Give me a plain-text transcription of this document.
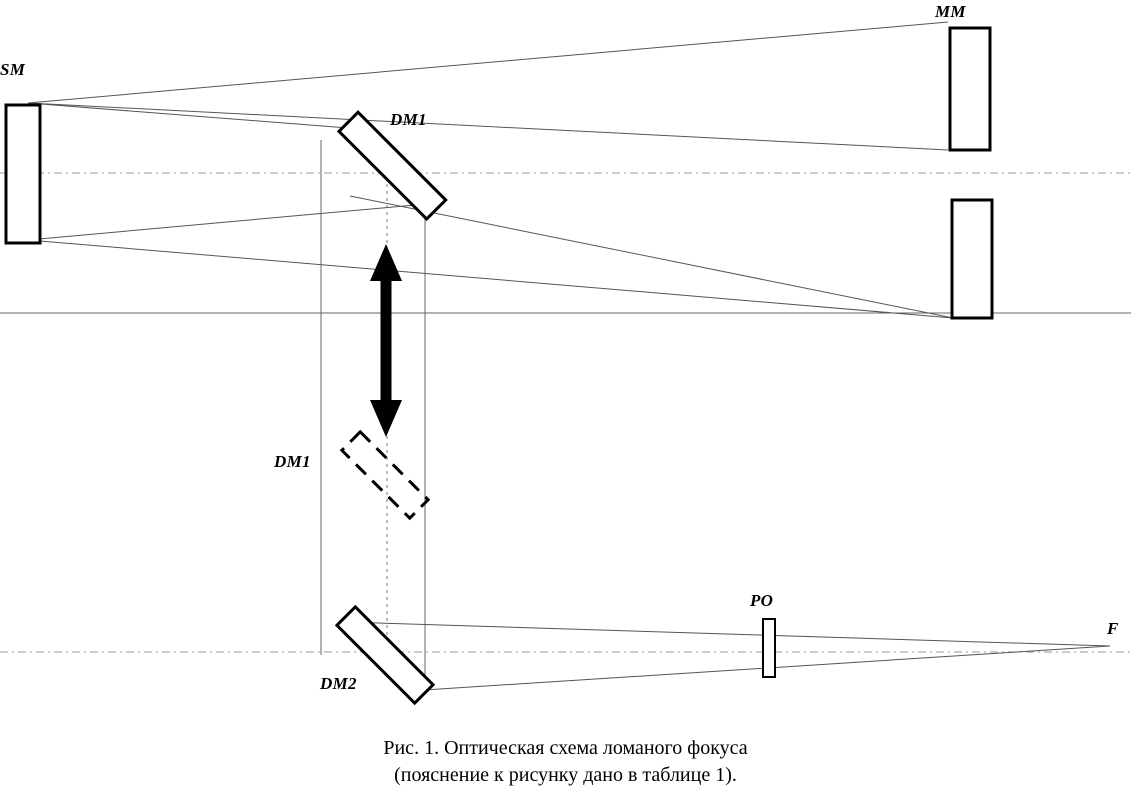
SM
MM
DM1
DM1
DM2
PO
F
Рис. 1. Оптическая схема ломаного фокуса
(пояснение к рисунку дано в таблице 1).
